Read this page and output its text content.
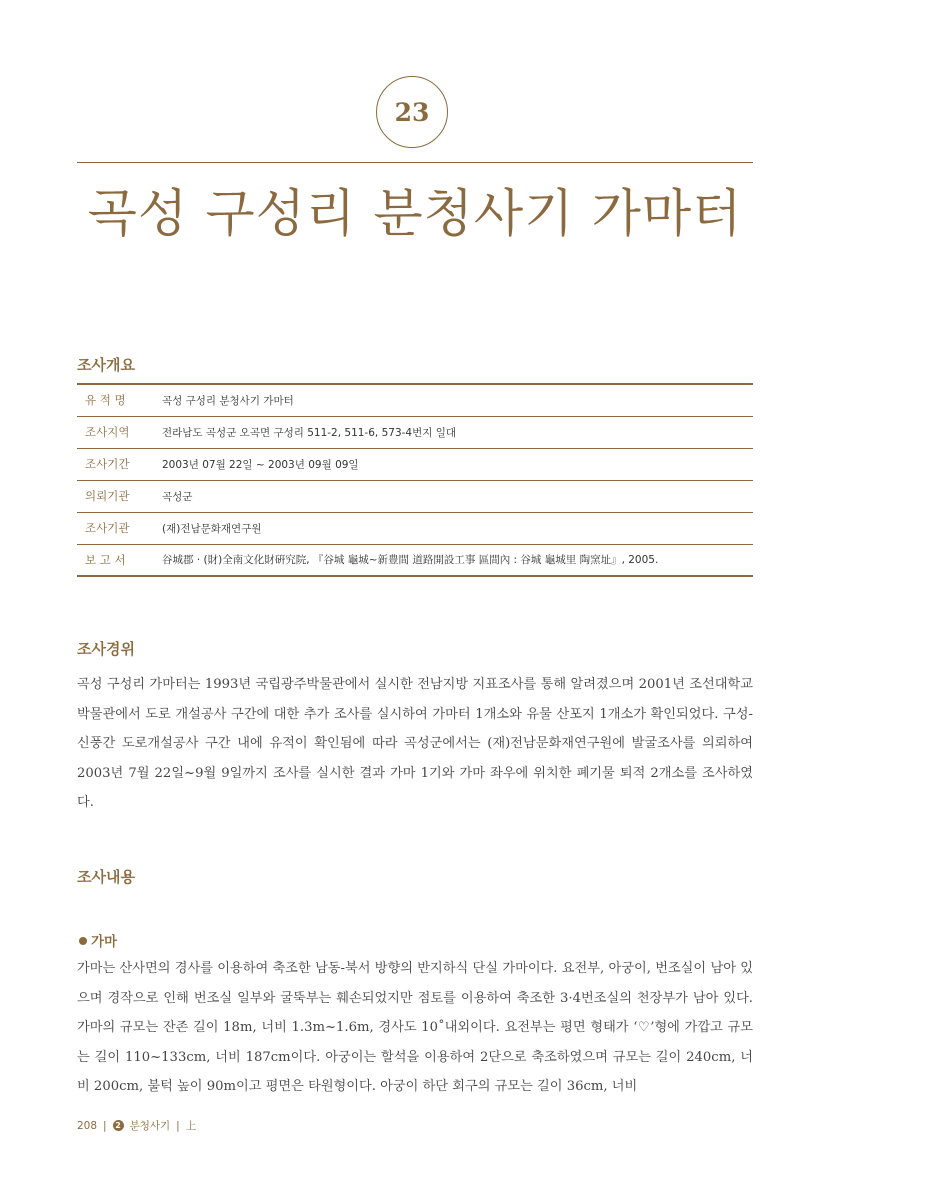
23
곡성 구성리 분청사기 가마터
조사개요
유 적 명	곡성 구성리 분청사기 가마터
조사지역	전라남도 곡성군 오곡면 구성리 511-2, 511-6, 573-4번지 일대
조사기간	2003년 07월 22일 ~ 2003년 09월 09일
의뢰기관	곡성군
조사기관	(재)전남문화재연구원
보 고 서	谷城郡 · (財)全南文化財硏究院, 『谷城 龜城~新豊間 道路開設工事 區間內 : 谷城 龜城里 陶窯址』, 2005.
조사경위

곡성 구성리 가마터는 1993년 국립광주박물관에서 실시한 전남지방 지표조사를 통해 알려졌으며 2001년 조선대학교박물관에서 도로 개설공사 구간에 대한 추가 조사를 실시하여 가마터 1개소와 유물 산포지 1개소가 확인되었다. 구성-신풍간 도로개설공사 구간 내에 유적이 확인됨에 따라 곡성군에서는 (재)전남문화재연구원에 발굴조사를 의뢰하여 2003년 7월 22일~9월 9일까지 조사를 실시한 결과 가마 1기와 가마 좌우에 위치한 폐기물 퇴적 2개소를 조사하였다.

조사내용
가마

가마는 산사면의 경사를 이용하여 축조한 남동-북서 방향의 반지하식 단실 가마이다. 요전부, 아궁이, 번조실이 남아 있으며 경작으로 인해 번조실 일부와 굴뚝부는 훼손되었지만 점토를 이용하여 축조한 3·4번조실의 천장부가 남아 있다. 가마의 규모는 잔존 길이 18m, 너비 1.3m~1.6m, 경사도 10˚내외이다. 요전부는 평면 형태가 ‘♡’형에 가깝고 규모는 길이 110~133cm, 너비 187cm이다. 아궁이는 할석을 이용하여 2단으로 축조하였으며 규모는 길이 240cm, 너비 200cm, 불턱 높이 90m이고 평면은 타원형이다. 아궁이 하단 회구의 규모는 길이 36cm, 너비

208 |	2 분청사기 | 上
